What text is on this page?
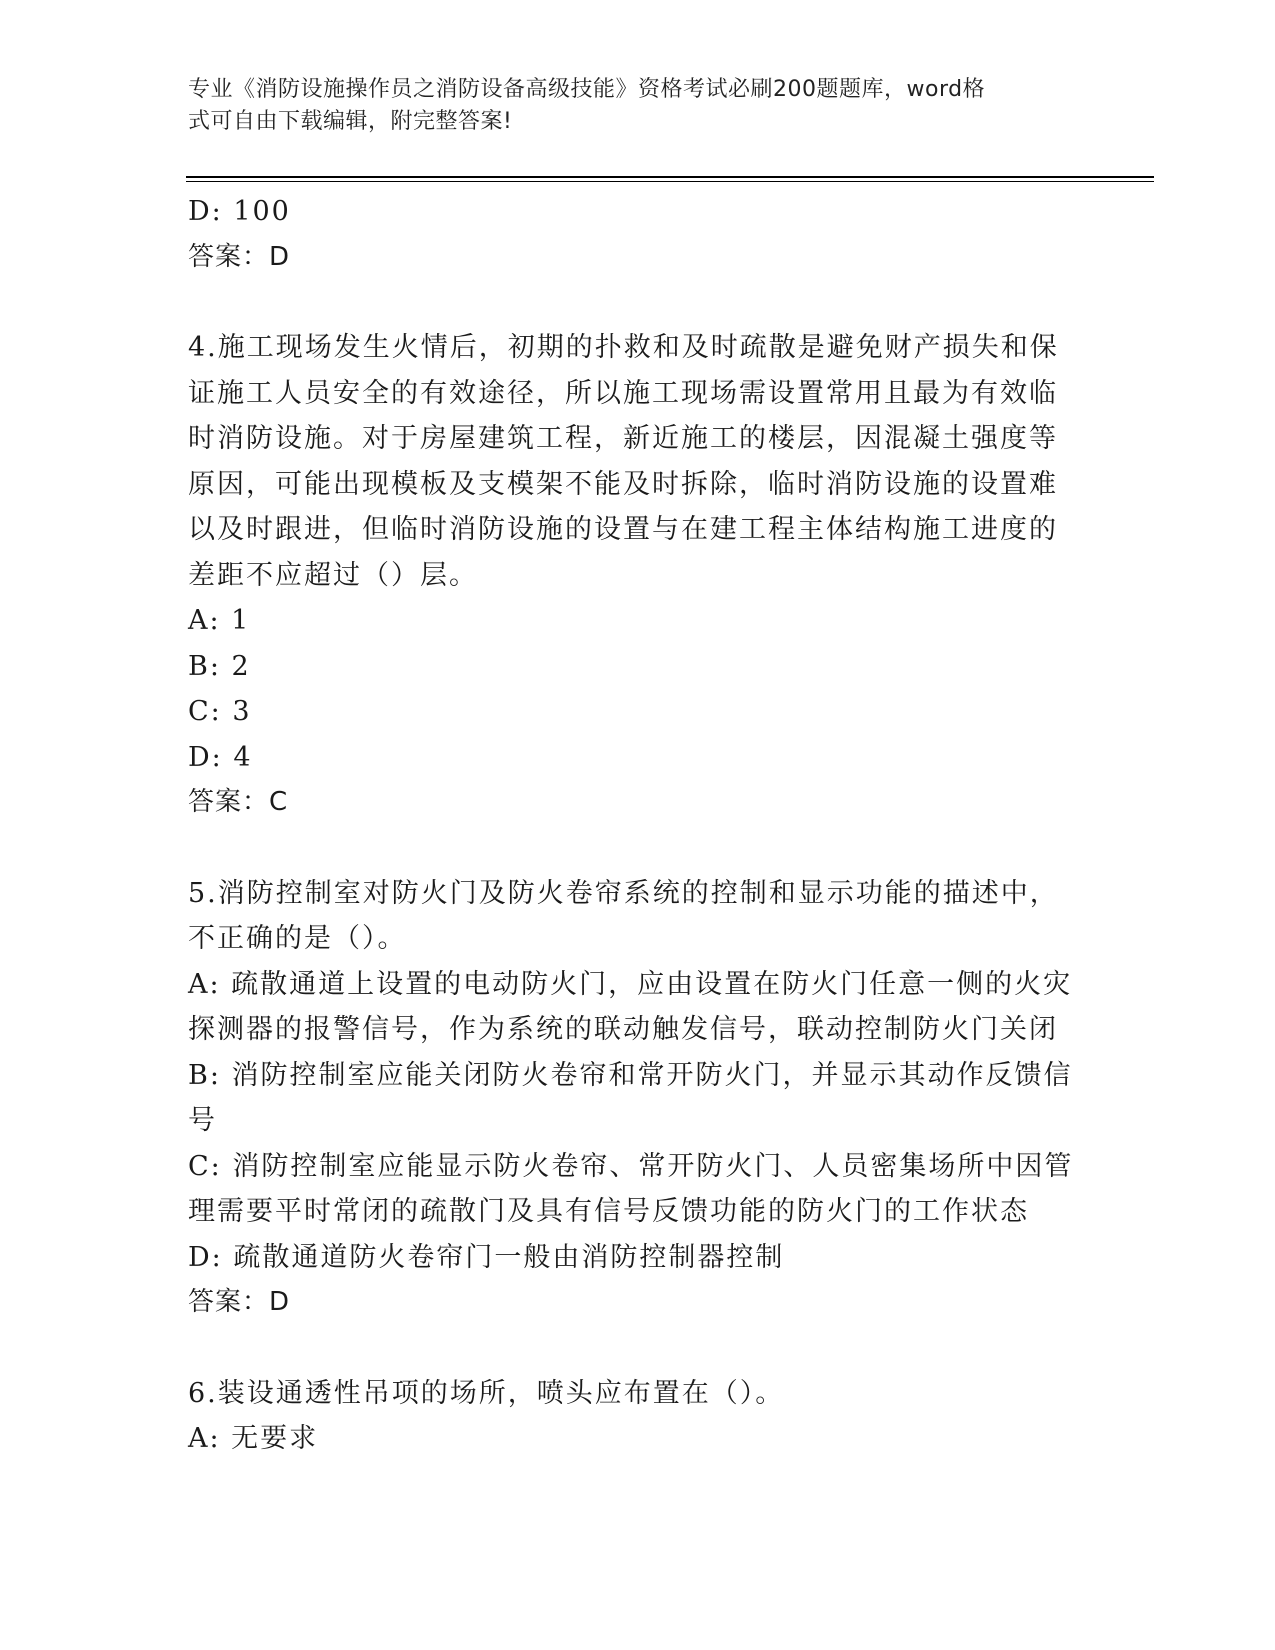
专业《消防设施操作员之消防设备高级技能》资格考试必刷200题题库，word格
式可自由下载编辑，附完整答案!
D: 100
答案：D
4.施工现场发生火情后，初期的扑救和及时疏散是避免财产损失和保
证施工人员安全的有效途径，所以施工现场需设置常用且最为有效临
时消防设施。对于房屋建筑工程，新近施工的楼层，因混凝土强度等
原因，可能出现模板及支模架不能及时拆除，临时消防设施的设置难
以及时跟进，但临时消防设施的设置与在建工程主体结构施工进度的
差距不应超过（）层。
A: 1
B: 2
C: 3
D: 4
答案：C
5.消防控制室对防火门及防火卷帘系统的控制和显示功能的描述中，
不正确的是（）。
A: 疏散通道上设置的电动防火门，应由设置在防火门任意一侧的火灾
探测器的报警信号，作为系统的联动触发信号，联动控制防火门关闭
B: 消防控制室应能关闭防火卷帘和常开防火门，并显示其动作反馈信
号
C: 消防控制室应能显示防火卷帘、常开防火门、人员密集场所中因管
理需要平时常闭的疏散门及具有信号反馈功能的防火门的工作状态
D: 疏散通道防火卷帘门一般由消防控制器控制
答案：D
6.装设通透性吊项的场所，喷头应布置在（）。
A: 无要求
